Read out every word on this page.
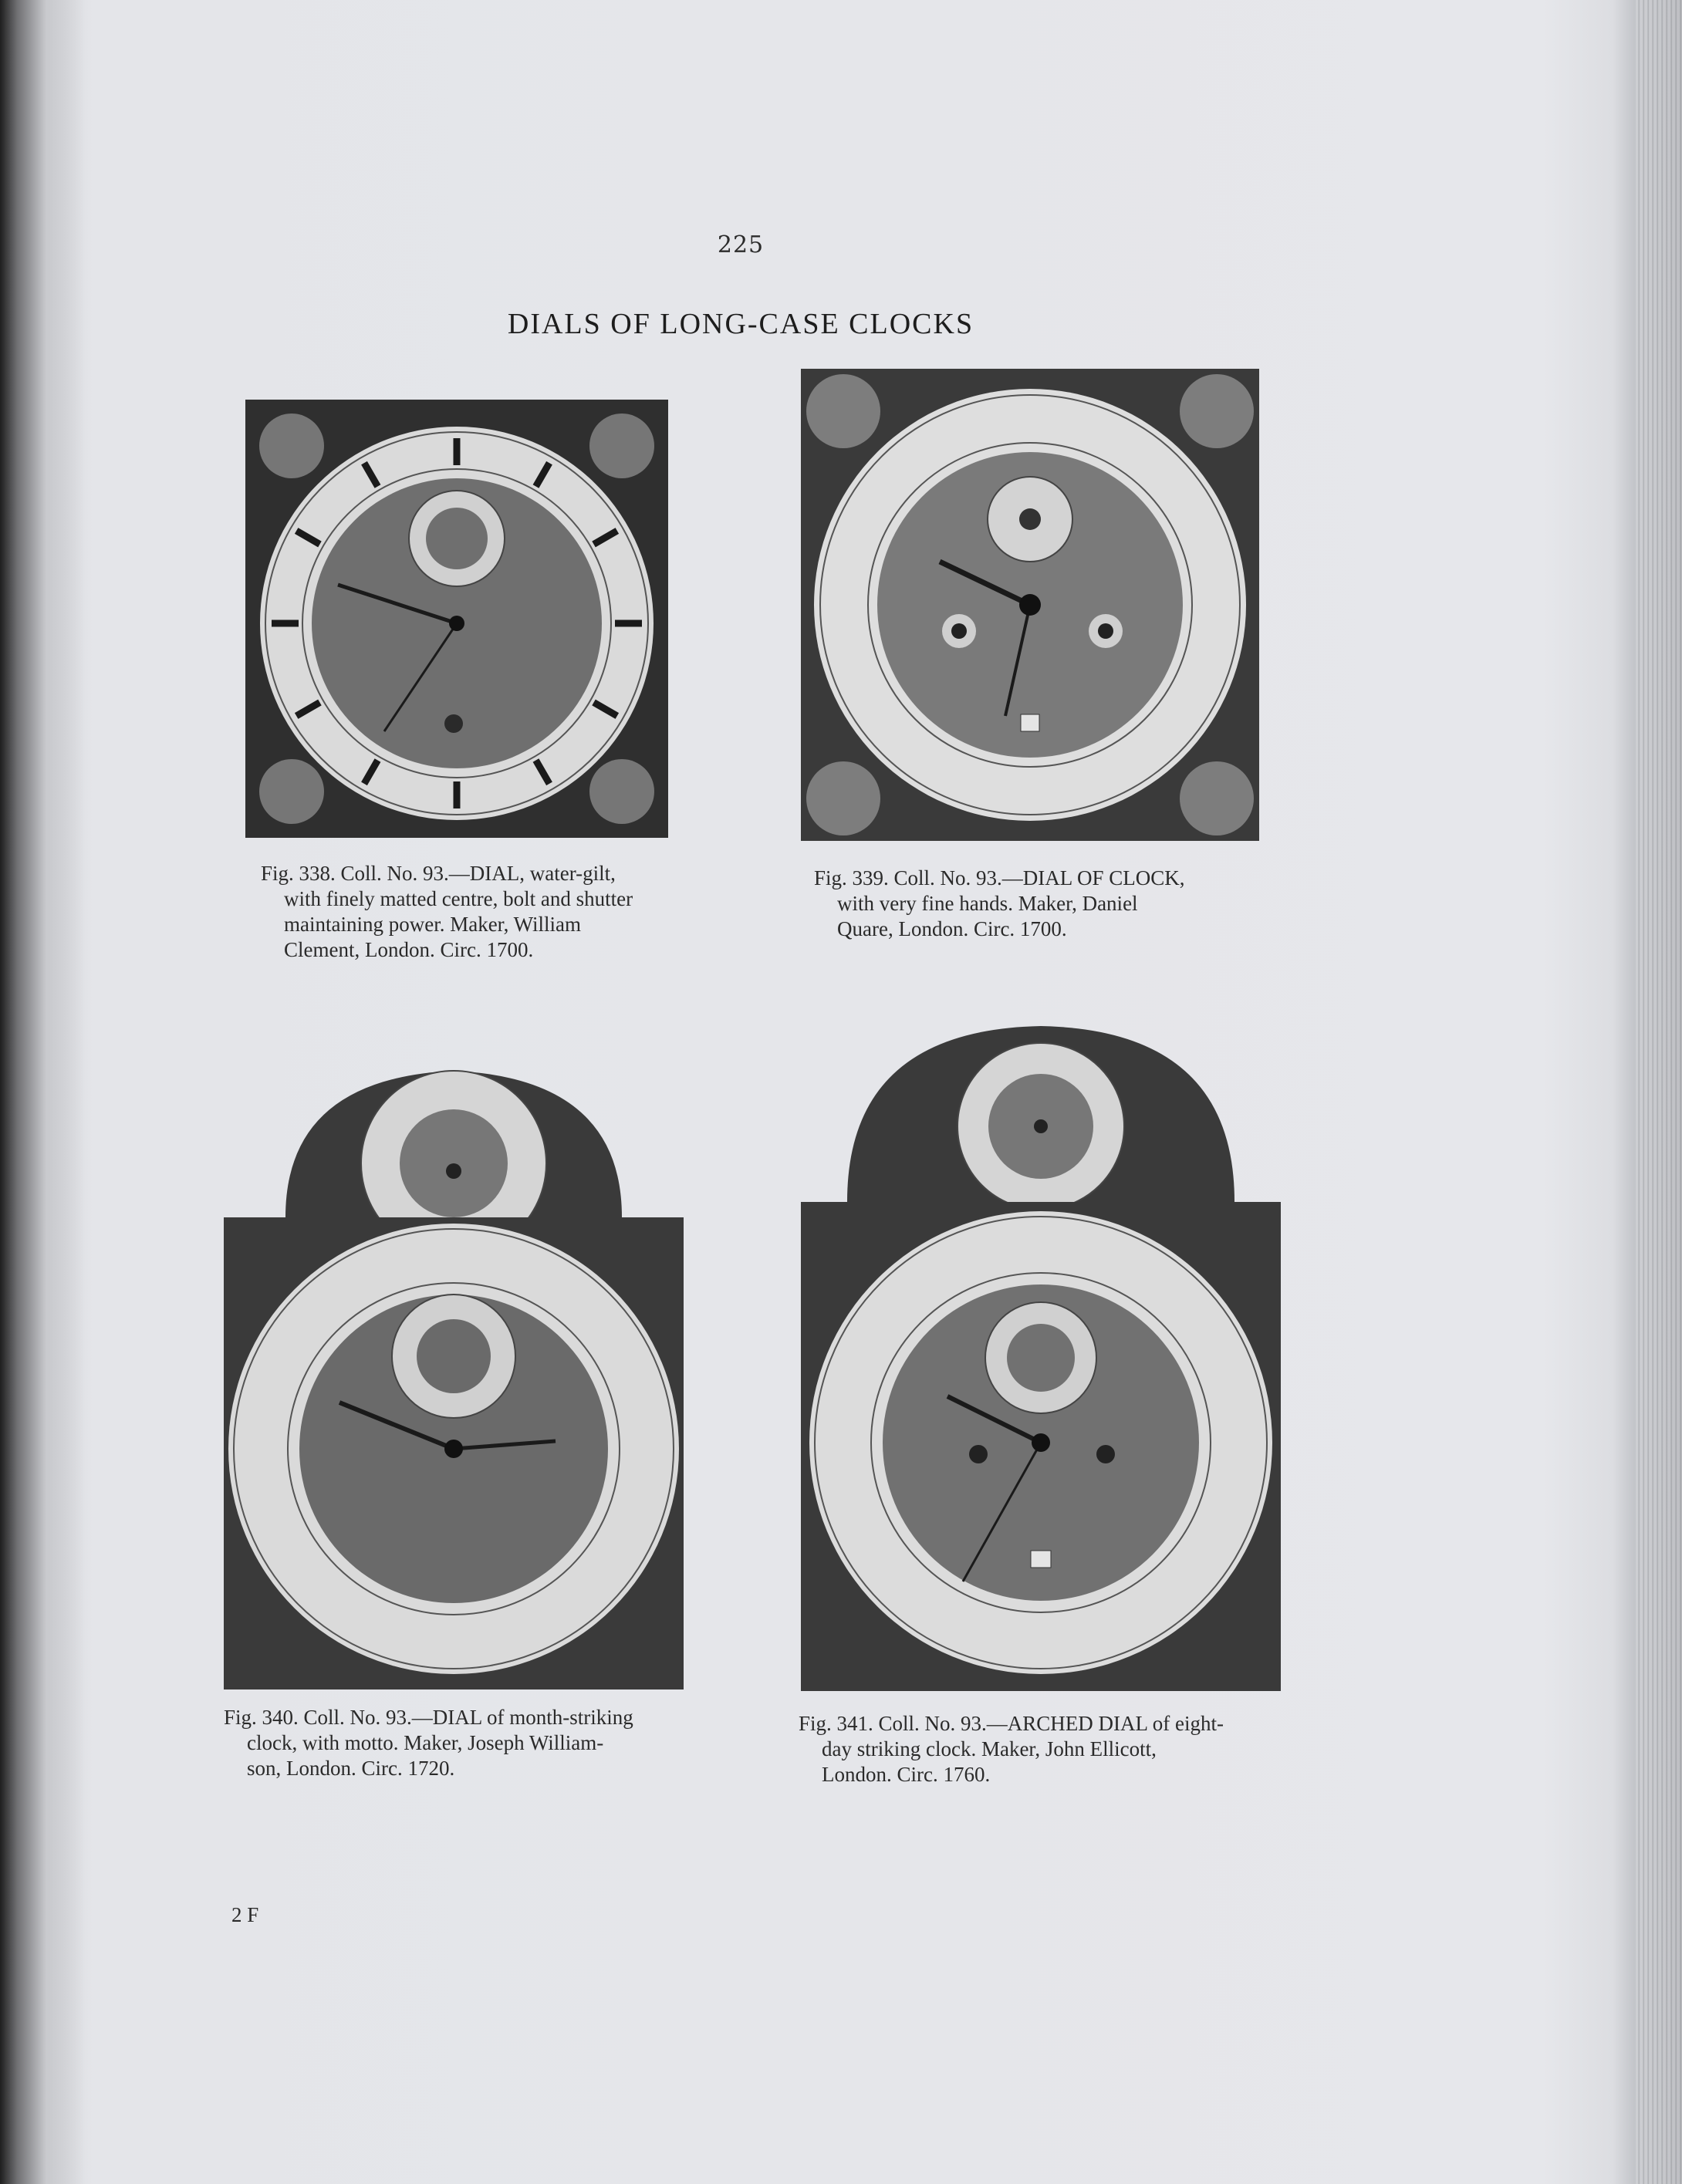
225
DIALS OF LONG-CASE CLOCKS
Fig. 338. Coll. No. 93.—DIAL, water-gilt,
with finely matted centre, bolt and shutter
maintaining power. Maker, William
Clement, London. Circ. 1700.
Fig. 339. Coll. No. 93.—DIAL OF CLOCK,
with very fine hands. Maker, Daniel
Quare, London. Circ. 1700.
Fig. 340. Coll. No. 93.—DIAL of month-striking
clock, with motto. Maker, Joseph William-
son, London. Circ. 1720.
Fig. 341. Coll. No. 93.—ARCHED DIAL of eight-
day striking clock. Maker, John Ellicott,
London. Circ. 1760.
2 F
